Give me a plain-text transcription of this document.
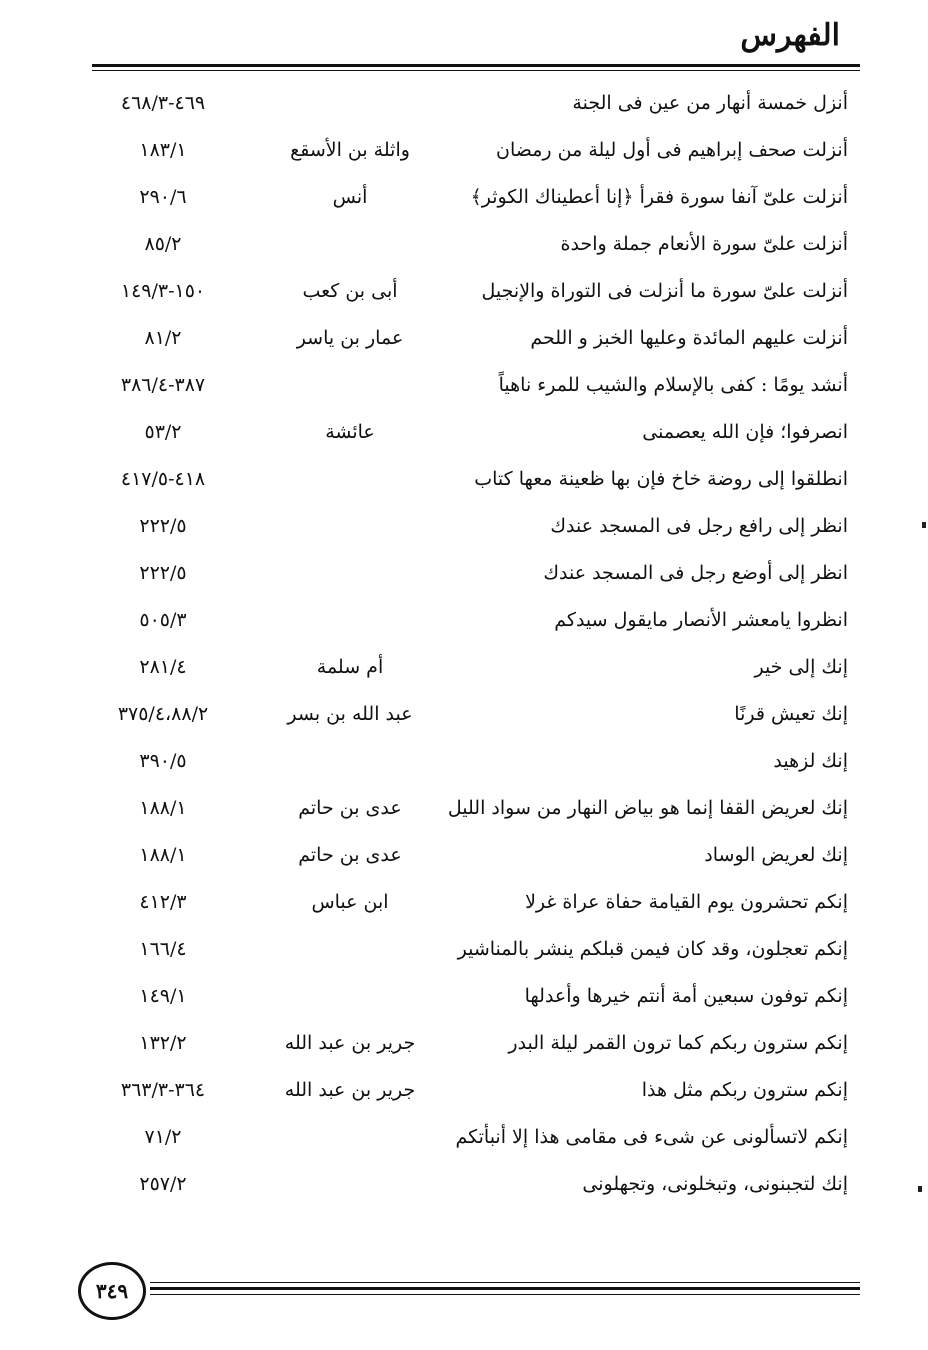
الفهرس
أنزل خمسة أنهار من عين فى الجنة
٤٦٩-٤٦٨/٣
أنزلت صحف إبراهيم فى أول ليلة من رمضان
واثلة بن الأسقع
١٨٣/١
أنزلت علىّ آنفا سورة فقرأ ﴿إنا أعطيناك الكوثر﴾
أنس
٢٩٠/٦
أنزلت علىّ سورة الأنعام جملة واحدة
٨٥/٢
أنزلت علىّ سورة ما أنزلت فى التوراة والإنجيل
أبى بن كعب
١٥٠-١٤٩/٣
أنزلت عليهم المائدة وعليها الخبز و اللحم
عمار بن ياسر
٨١/٢
أنشد يومًا : كفى بالإسلام والشيب للمرء ناهياً
٣٨٧-٣٨٦/٤
انصرفوا؛ فإن الله يعصمنى
عائشة
٥٣/٢
انطلقوا إلى روضة خاخ فإن بها ظعينة معها كتاب
٤١٨-٤١٧/٥
انظر إلى رافع رجل فى المسجد عندك
٢٢٢/٥
انظر إلى أوضع رجل فى المسجد عندك
٢٢٢/٥
انظروا يامعشر الأنصار مايقول سيدكم
٥٠٥/٣
إنك إلى خير
أم سلمة
٢٨١/٤
إنك تعيش قرنًا
عبد الله بن بسر
٣٧٥/٤،٨٨/٢
إنك لزهيد
٣٩٠/٥
إنك لعريض القفا إنما هو بياض النهار من سواد الليل
عدى بن حاتم
١٨٨/١
إنك لعريض الوساد
عدى بن حاتم
١٨٨/١
إنكم تحشرون يوم القيامة حفاة عراة غرلا
ابن عباس
٤١٢/٣
إنكم تعجلون، وقد كان فيمن قبلكم ينشر بالمناشير
١٦٦/٤
إنكم توفون سبعين أمة أنتم خيرها وأعدلها
١٤٩/١
إنكم سترون ربكم كما ترون القمر ليلة البدر
جرير بن عبد الله
١٣٢/٢
إنكم سترون ربكم مثل هذا
جرير بن عبد الله
٣٦٤-٣٦٣/٣
إنكم لاتسألونى عن شىء فى مقامى هذا إلا أنبأتكم
٧١/٢
إنك لتجبنونى، وتبخلونى، وتجهلونى
٢٥٧/٢
٣٤٩
